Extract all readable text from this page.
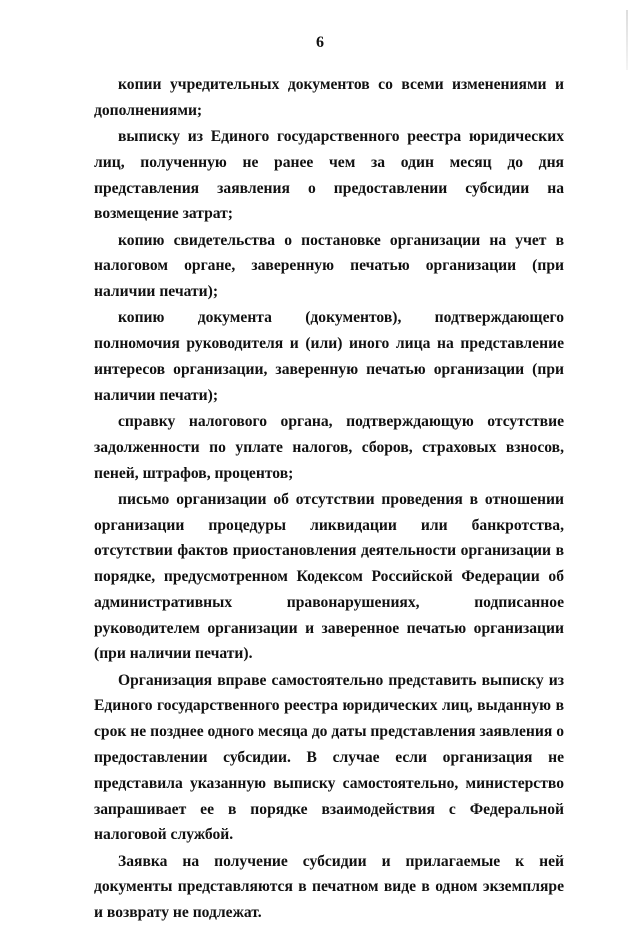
6

копии учредительных документов со всеми изменениями и дополнениями;

выписку из Единого государственного реестра юридических лиц, полученную не ранее чем за один месяц до дня представления заявления о предоставлении субсидии на возмещение затрат;

копию свидетельства о постановке организации на учет в налоговом органе, заверенную печатью организации (при наличии печати);

копию документа (документов), подтверждающего полномочия руководителя и (или) иного лица на представление интересов организации, заверенную печатью организации (при наличии печати);

справку налогового органа, подтверждающую отсутствие задолженности по уплате налогов, сборов, страховых взносов, пеней, штрафов, процентов;

письмо организации об отсутствии проведения в отношении организации процедуры ликвидации или банкротства, отсутствии фактов приостановления деятельности организации в порядке, предусмотренном Кодексом Российской Федерации об административных правонарушениях, подписанное руководителем организации и заверенное печатью организации (при наличии печати).

Организация вправе самостоятельно представить выписку из Единого государственного реестра юридических лиц, выданную в срок не позднее одного месяца до даты представления заявления о предоставлении субсидии. В случае если организация не представила указанную выписку самостоятельно, министерство запрашивает ее в порядке взаимодействия с Федеральной налоговой службой.

Заявка на получение субсидии и прилагаемые к ней документы представляются в печатном виде в одном экземпляре и возврату не подлежат.
